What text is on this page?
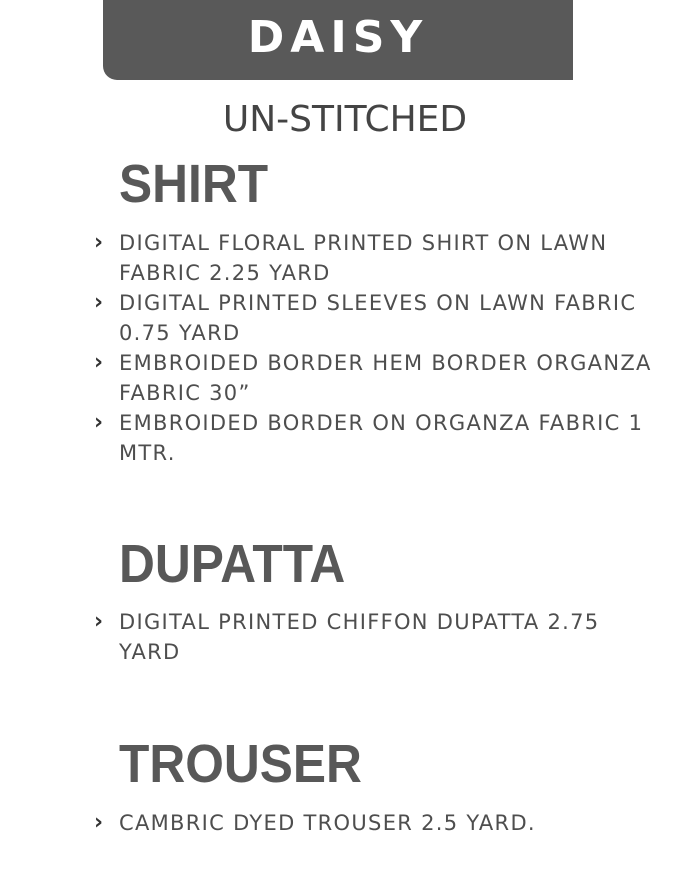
DAISY
UN-STITCHED
SHIRT
› DIGITAL FLORAL PRINTED SHIRT ON LAWN FABRIC 2.25 YARD
› DIGITAL PRINTED SLEEVES ON LAWN FABRIC 0.75 YARD
› EMBROIDED BORDER HEM BORDER ORGANZA FABRIC 30”
› EMBROIDED BORDER ON ORGANZA FABRIC 1 MTR.
DUPATTA
› DIGITAL PRINTED CHIFFON DUPATTA 2.75 YARD
TROUSER
› CAMBRIC DYED TROUSER 2.5 YARD.
